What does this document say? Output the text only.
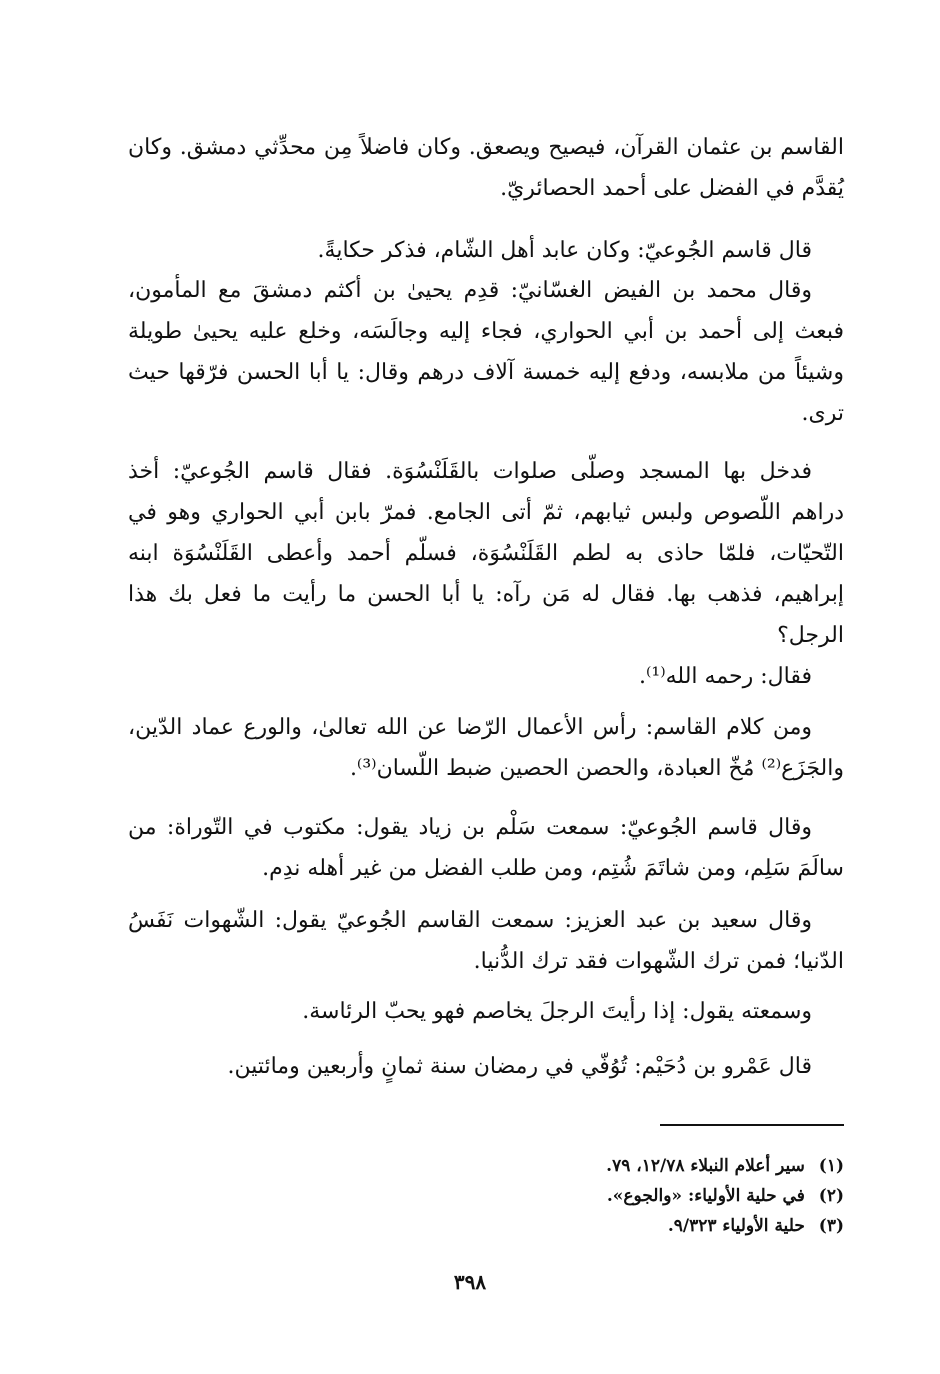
القاسم بن عثمان القرآن، فيصيح ويصعق. وكان فاضلاً مِن محدِّثي دمشق. وكان يُقدَّم في الفضل على أحمد الحصائريّ.

قال قاسم الجُوعيّ: وكان عابد أهل الشّام، فذكر حكايةً.

وقال محمد بن الفيض الغسّانيّ: قدِم يحيىٰ بن أكثم دمشقَ مع المأمون، فبعث إلى أحمد بن أبي الحواري، فجاء إليه وجالَسَه، وخلع عليه يحيىٰ طويلة وشيئاً من ملابسه، ودفع إليه خمسة آلاف درهم وقال: يا أبا الحسن فرّقها حيث ترى.

فدخل بها المسجد وصلّى صلوات بالقَلَنْسُوَة. فقال قاسم الجُوعيّ: أخذ دراهم اللّصوص ولبس ثيابهم، ثمّ أتى الجامع. فمرّ بابن أبي الحواري وهو في التّحيّات، فلمّا حاذى به لطم القَلَنْسُوَة، فسلّم أحمد وأعطى القَلَنْسُوَة ابنه إبراهيم، فذهب بها. فقال له مَن رآه: يا أبا الحسن ما رأيت ما فعل بك هذا الرجل؟

فقال: رحمه الله⁽¹⁾.

ومن كلام القاسم: رأس الأعمال الرّضا عن الله تعالىٰ، والورع عماد الدّين، والجَزَع⁽²⁾ مُخّ العبادة، والحصن الحصين ضبط اللّسان⁽³⁾.

وقال قاسم الجُوعيّ: سمعت سَلْم بن زياد يقول: مكتوب في التّوراة: من سالَمَ سَلِم، ومن شاتَمَ شُتِم، ومن طلب الفضل من غير أهله ندِم.

وقال سعيد بن عبد العزيز: سمعت القاسم الجُوعيّ يقول: الشّهوات نَفَسُ الدّنيا؛ فمن ترك الشّهوات فقد ترك الدُّنيا.

وسمعته يقول: إذا رأيتَ الرجلَ يخاصم فهو يحبّ الرئاسة.

قال عَمْرو بن دُحَيْم: تُوُفّي في رمضان سنة ثمانٍ وأربعين ومائتين.

(١) سير أعلام النبلاء ١٢/٧٨، ٧٩.

(٢) في حلية الأولياء: «والجوع».

(٣) حلية الأولياء ٩/٣٢٣.

٣٩٨
